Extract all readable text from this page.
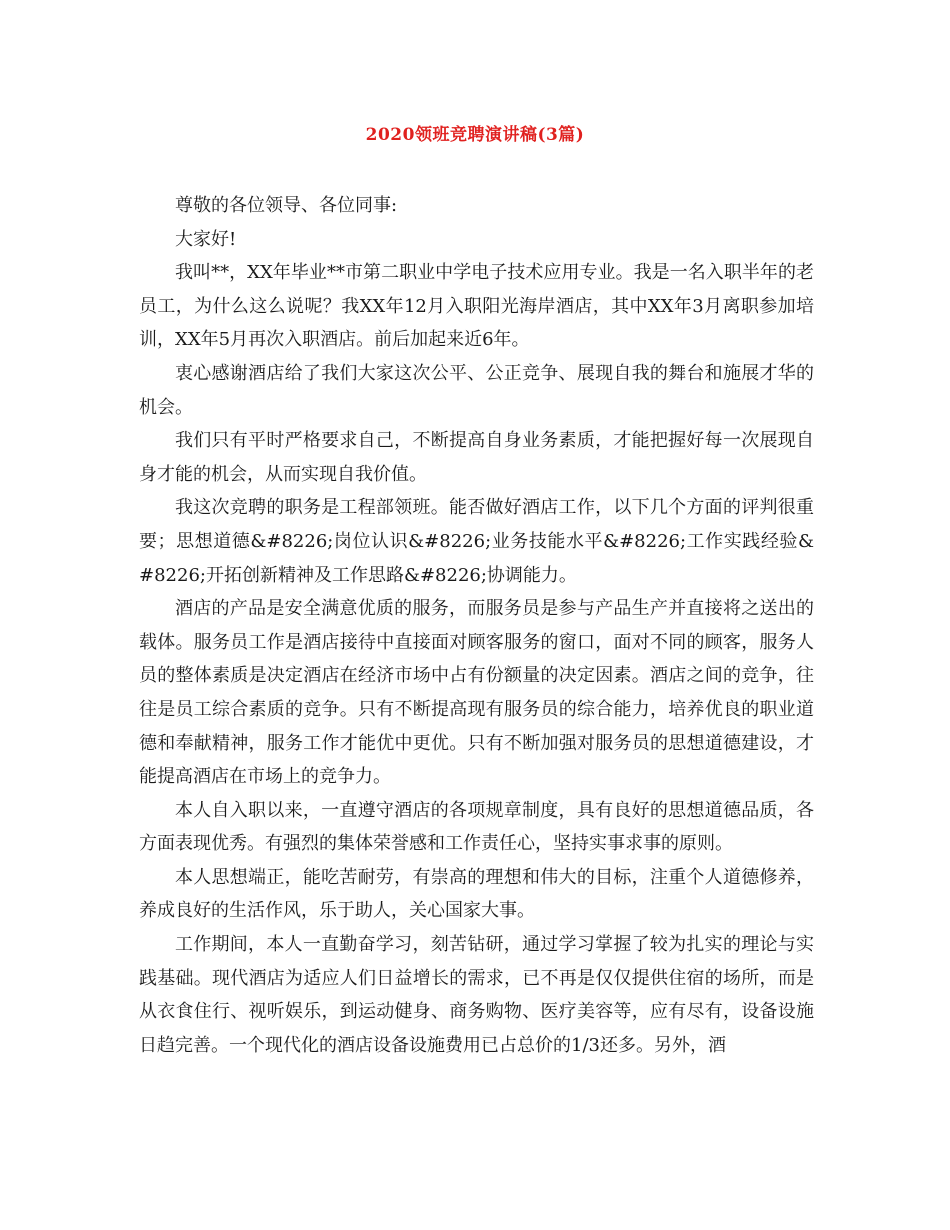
2020领班竞聘演讲稿(3篇)

尊敬的各位领导、各位同事:

大家好!

我叫**，XX年毕业**市第二职业中学电子技术应用专业。我是一名入职半年的老员工，为什么这么说呢？我XX年12月入职阳光海岸酒店，其中XX年3月离职参加培训，XX年5月再次入职酒店。前后加起来近6年。

衷心感谢酒店给了我们大家这次公平、公正竞争、展现自我的舞台和施展才华的机会。

我们只有平时严格要求自己，不断提高自身业务素质，才能把握好每一次展现自身才能的机会，从而实现自我价值。

我这次竞聘的职务是工程部领班。能否做好酒店工作，以下几个方面的评判很重要；思想道德&#8226;岗位认识&#8226;业务技能水平&#8226;工作实践经验&#8226;开拓创新精神及工作思路&#8226;协调能力。

酒店的产品是安全满意优质的服务，而服务员是参与产品生产并直接将之送出的载体。服务员工作是酒店接待中直接面对顾客服务的窗口，面对不同的顾客，服务人员的整体素质是决定酒店在经济市场中占有份额量的决定因素。酒店之间的竞争，往往是员工综合素质的竞争。只有不断提高现有服务员的综合能力，培养优良的职业道德和奉献精神，服务工作才能优中更优。只有不断加强对服务员的思想道德建设，才能提高酒店在市场上的竞争力。

本人自入职以来，一直遵守酒店的各项规章制度，具有良好的思想道德品质，各方面表现优秀。有强烈的集体荣誉感和工作责任心，坚持实事求事的原则。

本人思想端正，能吃苦耐劳，有崇高的理想和伟大的目标，注重个人道德修养，养成良好的生活作风，乐于助人，关心国家大事。

工作期间，本人一直勤奋学习，刻苦钻研，通过学习掌握了较为扎实的理论与实践基础。现代酒店为适应人们日益增长的需求，已不再是仅仅提供住宿的场所，而是从衣食住行、视听娱乐，到运动健身、商务购物、医疗美容等，应有尽有，设备设施日趋完善。一个现代化的酒店设备设施费用已占总价的1/3还多。另外，酒
